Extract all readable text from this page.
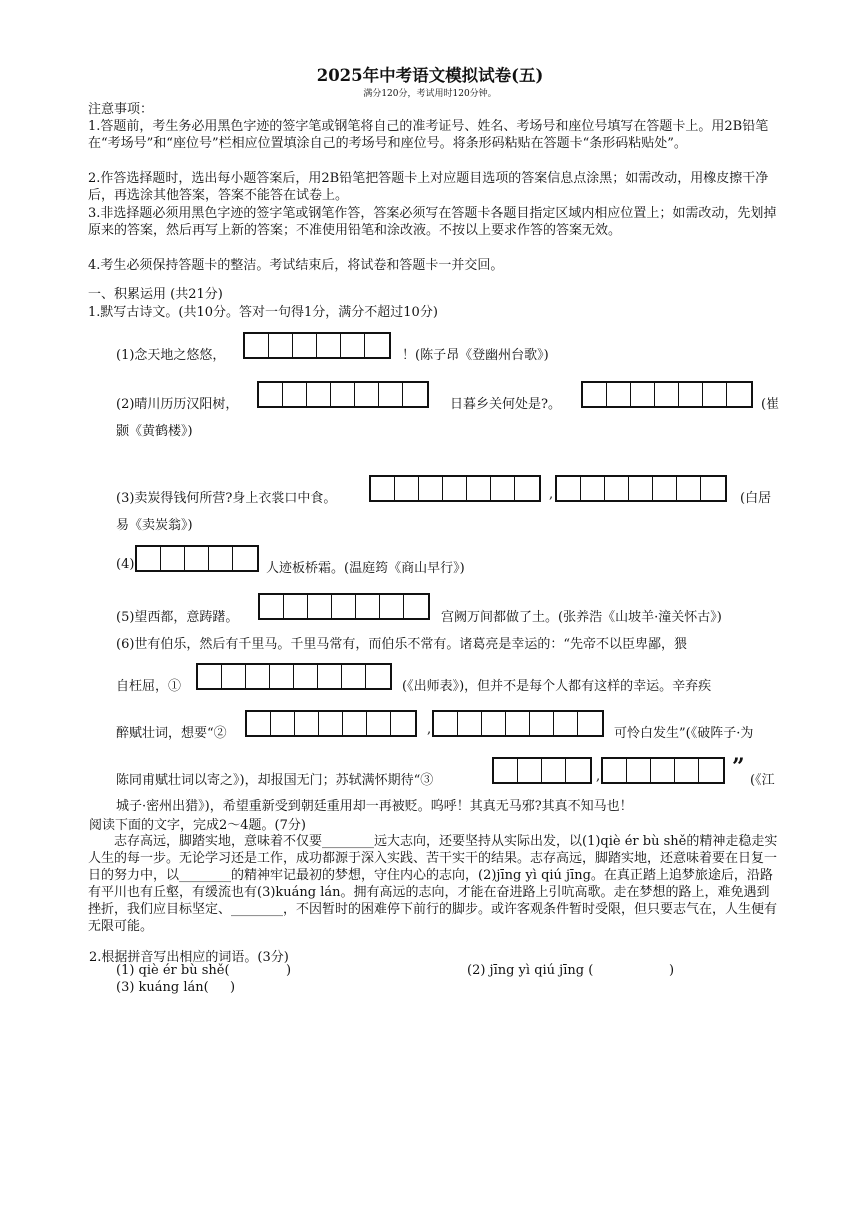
2025年中考语文模拟试卷(五)
满分120分，考试用时120分钟。
注意事项：
1.答题前，考生务必用黑色字迹的签字笔或钢笔将自己的准考证号、姓名、考场号和座位号填写在答题卡上。用2B铅笔在“考场号”和“座位号”栏相应位置填涂自己的考场号和座位号。将条形码粘贴在答题卡“条形码粘贴处”。
2.作答选择题时，选出每小题答案后，用2B铅笔把答题卡上对应题目选项的答案信息点涂黑；如需改动，用橡皮擦干净后，再选涂其他答案，答案不能答在试卷上。
3.非选择题必须用黑色字迹的签字笔或钢笔作答，答案必须写在答题卡各题目指定区域内相应位置上；如需改动，先划掉原来的答案，然后再写上新的答案；不准使用铅笔和涂改液。不按以上要求作答的答案无效。
4.考生必须保持答题卡的整洁。考试结束后，将试卷和答题卡一并交回。
一、积累运用 (共21分)
1.默写古诗文。(共10分。答对一句得1分，满分不超过10分)
(1)念天地之悠悠，	！(陈子昂《登幽州台歌》)
(2)晴川历历汉阳树，	日暮乡关何处是?。	(崔
颢《黄鹤楼》)
(3)卖炭得钱何所营?身上衣裳口中食。	,	(白居
易《卖炭翁》)
(4)	人迹板桥霜。(温庭筠《商山早行》)
(5)望西都，意踌躇。	宫阙万间都做了土。(张养浩《山坡羊·潼关怀古》)
(6)世有伯乐，然后有千里马。千里马常有，而伯乐不常有。诸葛亮是幸运的：“先帝不以臣卑鄙，猥
自枉屈，①	(《出师表》)，但并不是每个人都有这样的幸运。辛弃疾
醉赋壮词，想要“②	,	可怜白发生”(《破阵子·为
陈同甫赋壮词以寄之》)，却报国无门；苏轼满怀期待“③	,	”
(《江
城子·密州出猎》)，希望重新受到朝廷重用却一再被贬。呜呼！其真无马邪?其真不知马也！
阅读下面的文字，完成2～4题。(7分)
志存高远，脚踏实地，意味着不仅要________远大志向，还要坚持从实际出发，以(1)qiè ér bù shě的精神走稳走实人生的每一步。无论学习还是工作，成功都源于深入实践、苦干实干的结果。志存高远，脚踏实地，还意味着要在日复一日的努力中，以________的精神牢记最初的梦想，守住内心的志向，(2)jīng yì qiú jīng。在真正踏上追梦旅途后，沿路有平川也有丘壑，有缓流也有(3)kuáng lán。拥有高远的志向，才能在奋进路上引吭高歌。走在梦想的路上，难免遇到挫折，我们应目标坚定、________，不因暂时的困难停下前行的脚步。或许客观条件暂时受限，但只要志气在，人生便有无限可能。
2.根据拼音写出相应的词语。(3分)
(1) qiè ér bù shě(	)	(2) jīng yì qiú jīng (	)
(3) kuáng lán( )
